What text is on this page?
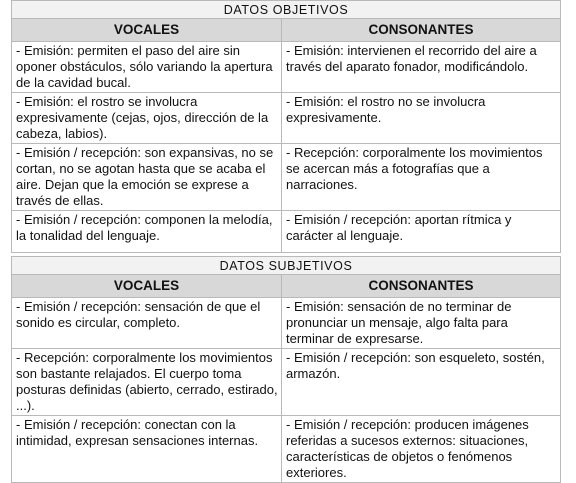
DATOS OBJETIVOS	
VOCALES	CONSONANTES
- Emisión: permiten el paso del aire sin oponer obstáculos, sólo variando la apertura de la cavidad bucal.	- Emisión: intervienen el recorrido del aire a través del aparato fonador, modificándolo.
- Emisión: el rostro se involucra expresivamente (cejas, ojos, dirección de la cabeza, labios).	- Emisión: el rostro no se involucra expresivamente.
- Emisión / recepción: son expansivas, no se cortan, no se agotan hasta que se acaba el aire. Dejan que la emoción se exprese a través de ellas.	- Recepción: corporalmente los movimientos se acercan más a fotografías que a narraciones.
- Emisión / recepción: componen la melodía, la tonalidad del lenguaje.	- Emisión / recepción: aportan rítmica y carácter al lenguaje.

DATOS SUBJETIVOS	
VOCALES	CONSONANTES
- Emisión / recepción: sensación de que el sonido es circular, completo.	- Emisión: sensación de no terminar de pronunciar un mensaje, algo falta para terminar de expresarse.
- Recepción: corporalmente los movimientos son bastante relajados. El cuerpo toma posturas definidas (abierto, cerrado, estirado, ...).	- Emisión / recepción: son esqueleto, sostén, armazón.
- Emisión / recepción: conectan con la intimidad, expresan sensaciones internas.	- Emisión / recepción: producen imágenes referidas a sucesos externos: situaciones, características de objetos o fenómenos exteriores.
